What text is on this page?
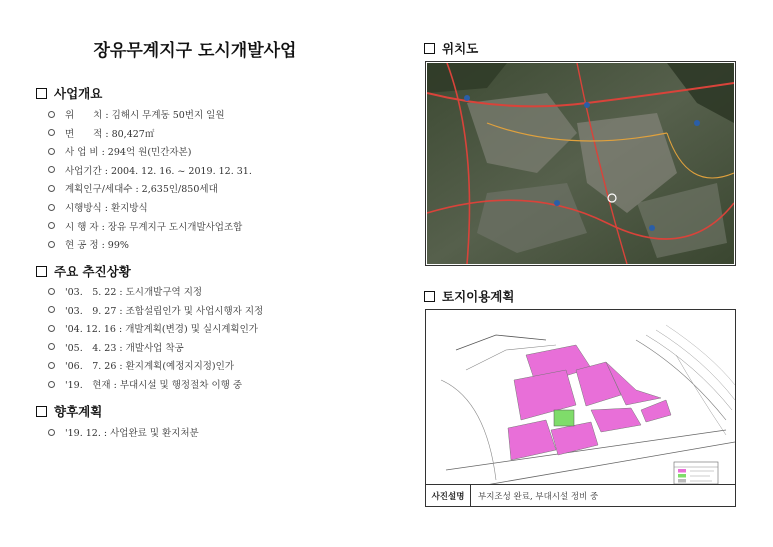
장유무계지구 도시개발사업
사업개요
위　　치 : 김해시 무계동 50번지 일원
면　　적 : 80,427㎡
사 업 비 : 294억 원(민간자본)
사업기간 : 2004. 12. 16. ~ 2019. 12. 31.
계획인구/세대수 : 2,635인/850세대
시행방식 : 환지방식
시 행 자 : 장유 무계지구 도시개발사업조합
현 공 정 : 99%
주요 추진상황
'03.　5. 22 : 도시개발구역 지정
'03.　9. 27 : 조합설립인가 및 사업시행자 지정
'04. 12. 16 : 개발계획(변경) 및 실시계획인가
'05.　4. 23 : 개발사업 착공
'06.　7. 26 : 환지계획(예정지지정)인가
'19.　현재 : 부대시설 및 행정절차 이행 중
향후계획
'19. 12. : 사업완료 및 환지처분
위치도
토지이용계획
사진설명	부지조성 완료, 부대시설 정비 중
